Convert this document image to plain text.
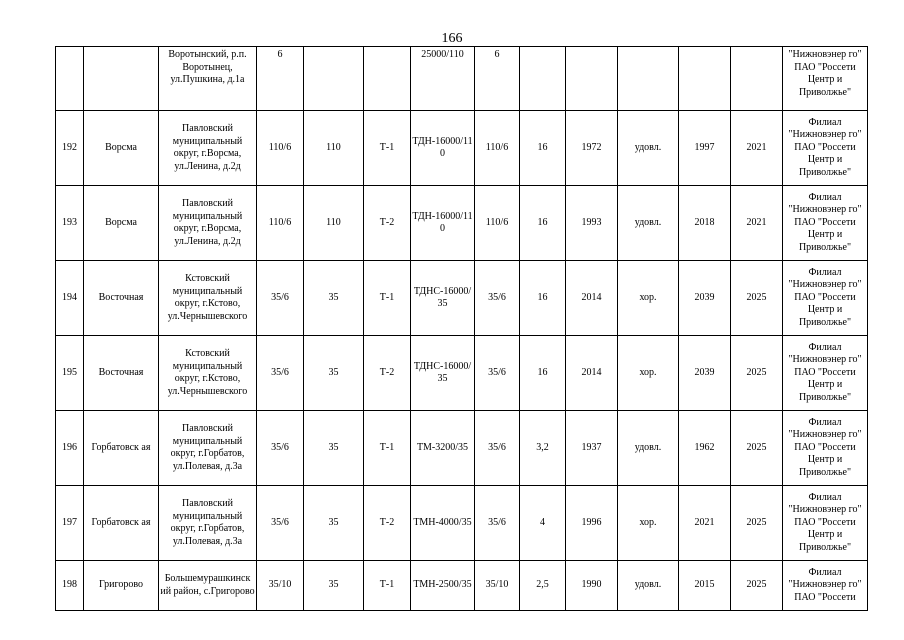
166
		Воротынский, р.п. Воротынец, ул.Пушкина, д.1а	6			25000/110	6						"Нижновэнер го" ПАО "Россети Центр и Приволжье"
192	Ворсма	Павловский муниципальный округ, г.Ворсма, ул.Ленина, д.2д	110/6	110	Т-1	ТДН-16000/110	110/6	16	1972	удовл.	1997	2021	Филиал "Нижновэнер го" ПАО "Россети Центр и Приволжье"
193	Ворсма	Павловский муниципальный округ, г.Ворсма, ул.Ленина, д.2д	110/6	110	Т-2	ТДН-16000/110	110/6	16	1993	удовл.	2018	2021	Филиал "Нижновэнер го" ПАО "Россети Центр и Приволжье"
194	Восточная	Кстовский муниципальный округ, г.Кстово, ул.Чернышевского	35/6	35	Т-1	ТДНС-16000/35	35/6	16	2014	хор.	2039	2025	Филиал "Нижновэнер го" ПАО "Россети Центр и Приволжье"
195	Восточная	Кстовский муниципальный округ, г.Кстово, ул.Чернышевского	35/6	35	Т-2	ТДНС-16000/35	35/6	16	2014	хор.	2039	2025	Филиал "Нижновэнер го" ПАО "Россети Центр и Приволжье"
196	Горбатовск ая	Павловский муниципальный округ, г.Горбатов, ул.Полевая, д.3а	35/6	35	Т-1	ТМ-3200/35	35/6	3,2	1937	удовл.	1962	2025	Филиал "Нижновэнер го" ПАО "Россети Центр и Приволжье"
197	Горбатовск ая	Павловский муниципальный округ, г.Горбатов, ул.Полевая, д.3а	35/6	35	Т-2	ТМН-4000/35	35/6	4	1996	хор.	2021	2025	Филиал "Нижновэнер го" ПАО "Россети Центр и Приволжье"
198	Григорово	Большемурашкинск ий район, с.Григорово	35/10	35	Т-1	ТМН-2500/35	35/10	2,5	1990	удовл.	2015	2025	Филиал "Нижновэнер го" ПАО "Россети
